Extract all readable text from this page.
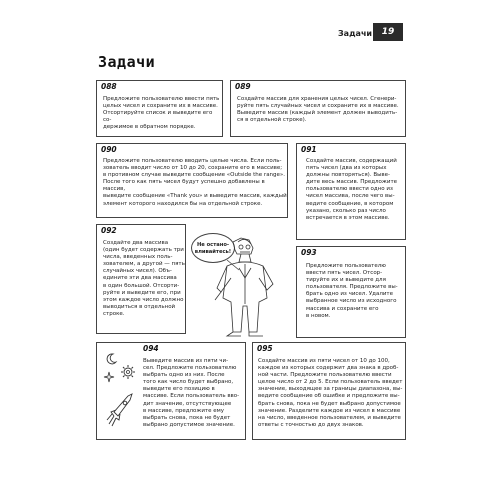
Задачи	19
Задачи
088
Предложите пользователю ввести пять
целых чисел и сохраните их в массиве.
Отсортируйте список и выведите его со-
держимое в обратном порядке.
089
Создайте массив для хранения целых чисел. Сгенери-
руйте пять случайных чисел и сохраните их в массиве.
Выведите массив (каждый элемент должен выводить-
ся в отдельной строке).
090
Предложите пользователю вводить целые числа. Если поль-
зователь вводит число от 10 до 20, сохраните его в массиве;
в противном случае выведите сообщение «Outside the range».
После того как пять чисел будут успешно добавлены в массив,
выведите сообщение «Thank you» и выведите массив, каждый
элемент которого находился бы на отдельной строке.
091
Создайте массив, содержащий
пять чисел (два из которых
должны повторяться). Выве-
дите весь массив. Предложите
пользователю ввести одно из
чисел массива, после чего вы-
ведите сообщение, в котором
указано, сколько раз число
встречается в этом массиве.
092
Создайте два массива
(один будет содержать три
числа, введенных поль-
зователем, а другой — пять
случайных чисел). Объ-
едините эти два массива
в один большой. Отсорти-
руйте и выведите его, при
этом каждое число должно
выводиться в отдельной
строке.
093
Предложите пользователю
ввести пять чисел. Отсор-
тируйте их и выведите для
пользователя. Предложите вы-
брать одно из чисел. Удалите
выбранное число из исходного
массива и сохраните его
в новом.
094
Выведите массив из пяти чи-
сел. Предложите пользователю
выбрать одно из них. После
того как число будет выбрано,
выведите его позицию в
массиве. Если пользователь вво-
дит значение, отсутствующее
в массиве, предложите ему
выбрать снова, пока не будет
выбрано допустимое значение.
095
Создайте массив из пяти чисел от 10 до 100,
каждое из которых содержит два знака в дроб-
ной части. Предложите пользователю ввести
целое число от 2 до 5. Если пользователь введет
значение, выходящее за границы диапазона, вы-
ведите сообщение об ошибке и предложите вы-
брать снова, пока не будет выбрано допустимое
значение. Разделите каждое из чисел в массиве
на число, введенное пользователем, и выведите
ответы с точностью до двух знаков.
Не остано-вливайтесь!
